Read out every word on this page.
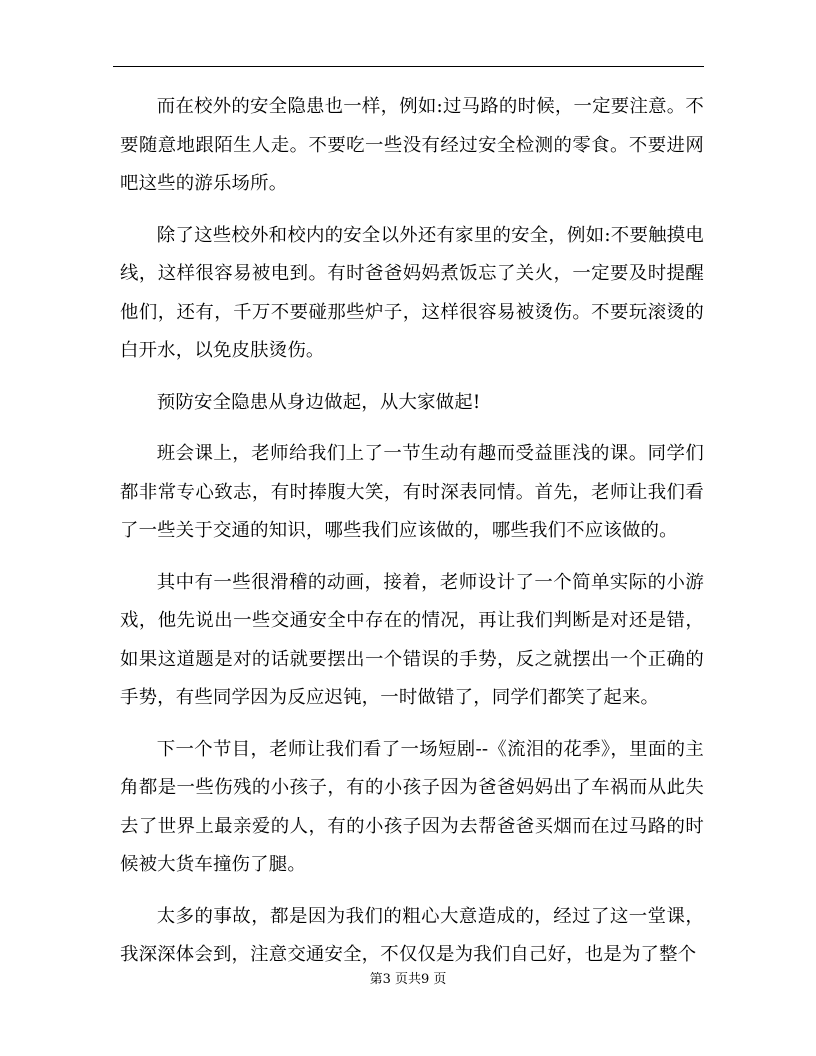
而在校外的安全隐患也一样，例如:过马路的时候，一定要注意。不要随意地跟陌生人走。不要吃一些没有经过安全检测的零食。不要进网吧这些的游乐场所。

除了这些校外和校内的安全以外还有家里的安全，例如:不要触摸电线，这样很容易被电到。有时爸爸妈妈煮饭忘了关火，一定要及时提醒他们，还有，千万不要碰那些炉子，这样很容易被烫伤。不要玩滚烫的白开水，以免皮肤烫伤。

预防安全隐患从身边做起，从大家做起!

班会课上，老师给我们上了一节生动有趣而受益匪浅的课。同学们都非常专心致志，有时捧腹大笑，有时深表同情。首先，老师让我们看了一些关于交通的知识，哪些我们应该做的，哪些我们不应该做的。

其中有一些很滑稽的动画，接着，老师设计了一个简单实际的小游戏，他先说出一些交通安全中存在的情况，再让我们判断是对还是错，如果这道题是对的话就要摆出一个错误的手势，反之就摆出一个正确的手势，有些同学因为反应迟钝，一时做错了，同学们都笑了起来。

下一个节目，老师让我们看了一场短剧--《流泪的花季》，里面的主角都是一些伤残的小孩子，有的小孩子因为爸爸妈妈出了车祸而从此失去了世界上最亲爱的人，有的小孩子因为去帮爸爸买烟而在过马路的时候被大货车撞伤了腿。

太多的事故，都是因为我们的粗心大意造成的，经过了这一堂课，我深深体会到，注意交通安全，不仅仅是为我们自己好，也是为了整个

第3 页共9 页
